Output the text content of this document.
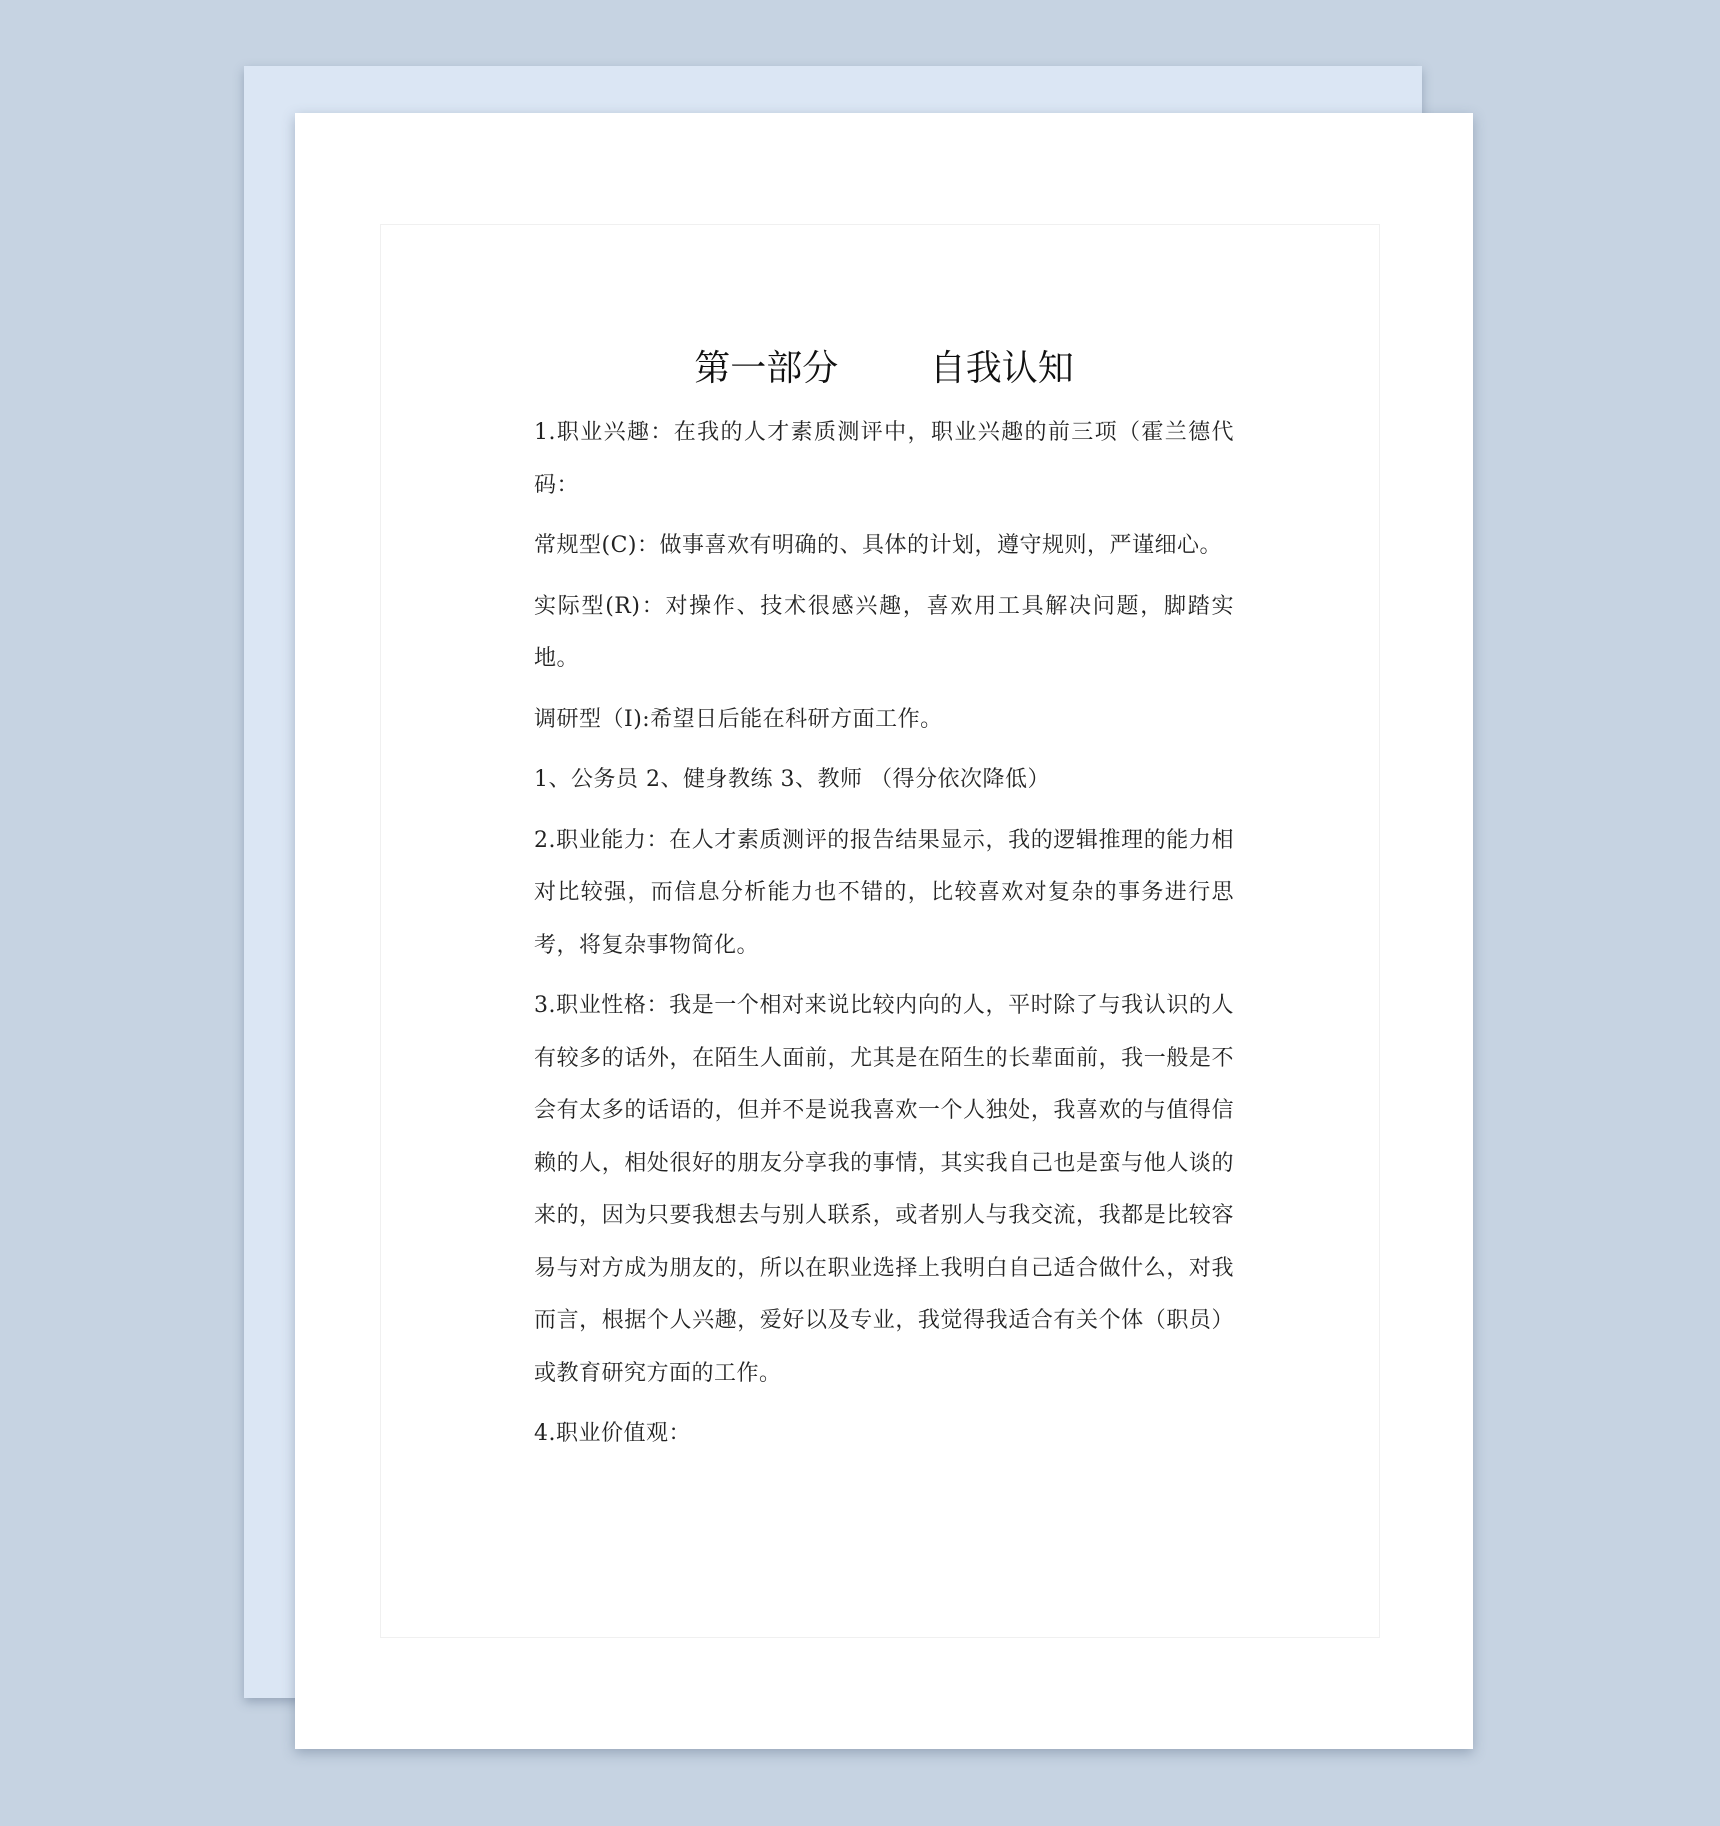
第一部分        自我认知

1.职业兴趣：在我的人才素质测评中，职业兴趣的前三项（霍兰德代码：

常规型(C)：做事喜欢有明确的、具体的计划，遵守规则，严谨细心。

实际型(R)：对操作、技术很感兴趣，喜欢用工具解决问题，脚踏实地。

调研型（I):希望日后能在科研方面工作。

1、公务员 2、健身教练 3、教师 （得分依次降低）

2.职业能力：在人才素质测评的报告结果显示，我的逻辑推理的能力相对比较强，而信息分析能力也不错的，比较喜欢对复杂的事务进行思考，将复杂事物简化。

3.职业性格：我是一个相对来说比较内向的人，平时除了与我认识的人有较多的话外，在陌生人面前，尤其是在陌生的长辈面前，我一般是不会有太多的话语的，但并不是说我喜欢一个人独处，我喜欢的与值得信赖的人，相处很好的朋友分享我的事情，其实我自己也是蛮与他人谈的来的，因为只要我想去与别人联系，或者别人与我交流，我都是比较容易与对方成为朋友的，所以在职业选择上我明白自己适合做什么，对我而言，根据个人兴趣，爱好以及专业，我觉得我适合有关个体（职员）或教育研究方面的工作。

4.职业价值观：
